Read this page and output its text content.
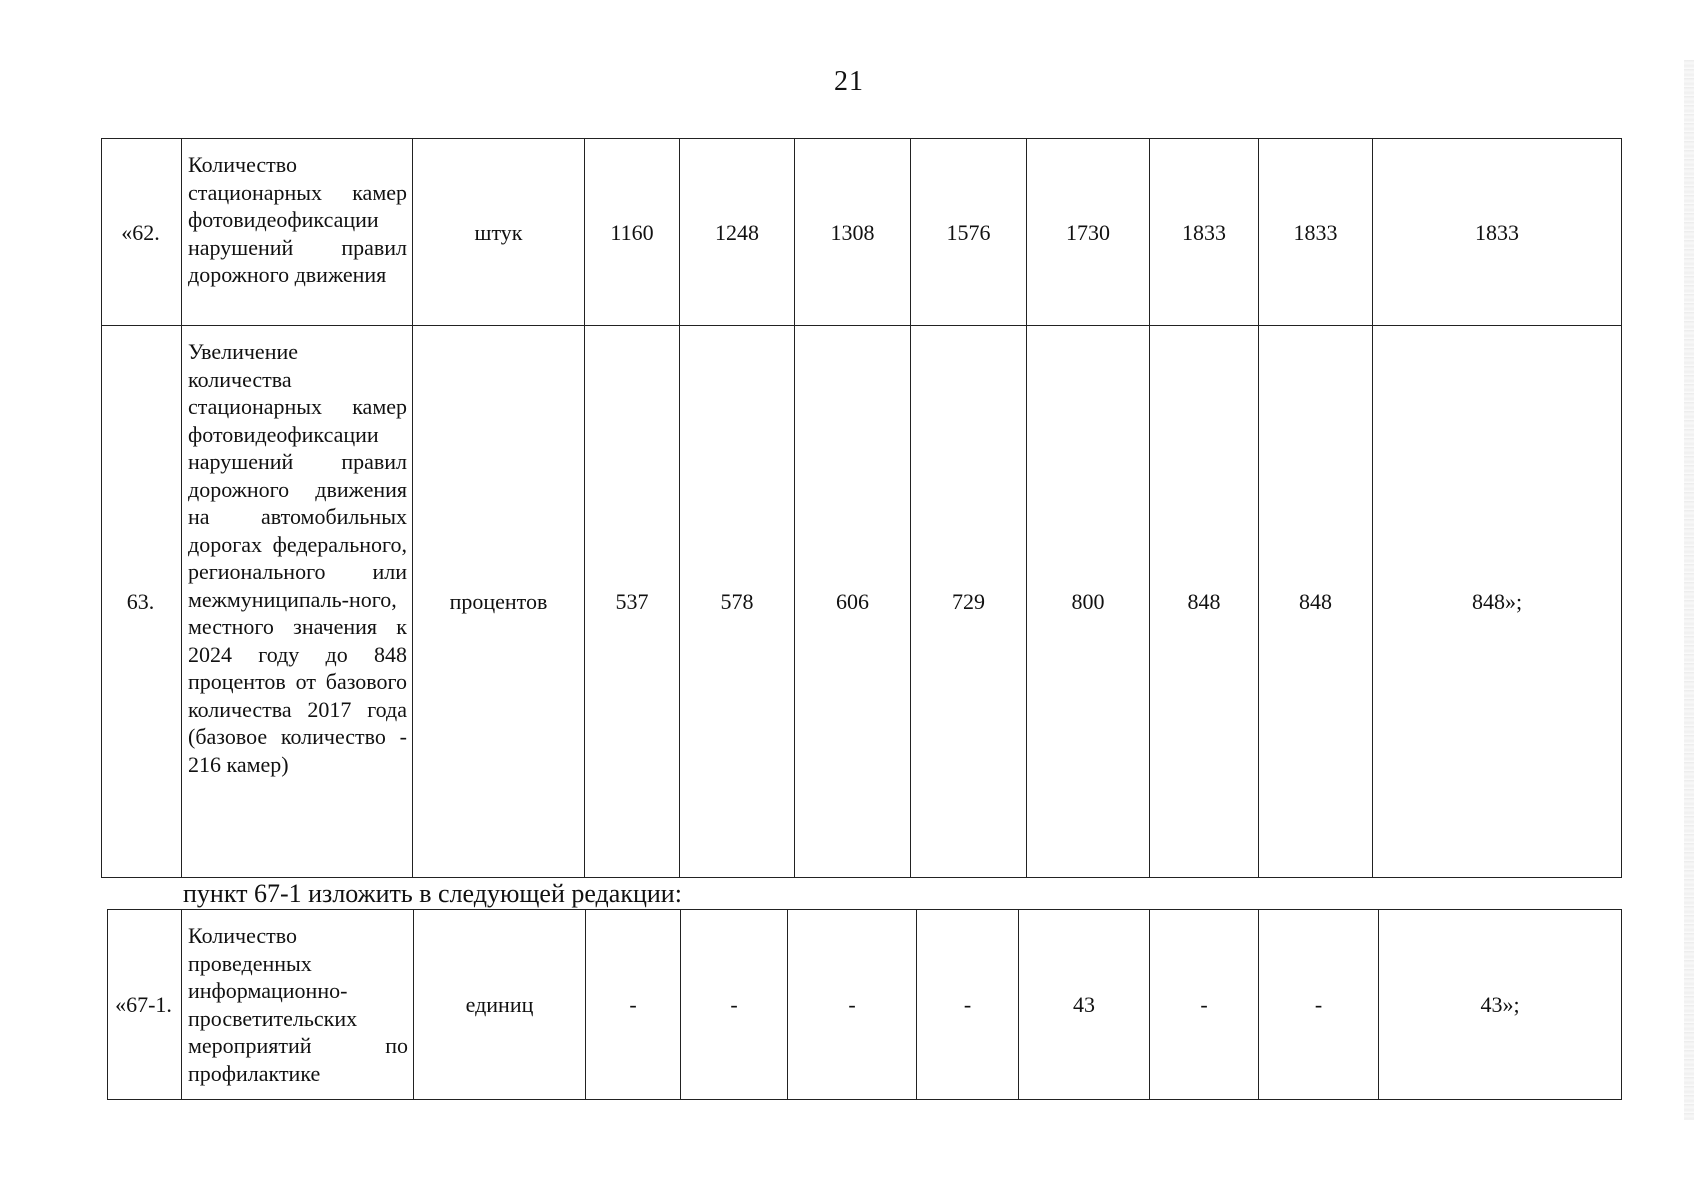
21
«62.	Количество стационарных камер фотовидеофиксации нарушений правил дорожного движения	штук	1160	1248	1308	1576	1730	1833	1833	1833
63.	Увеличение количества стационарных камер фотовидеофиксации нарушений правил дорожного движения на автомобильных дорогах федерального, регионального или межмуниципаль-ного, местного значения к 2024 году до 848 процентов от базового количества 2017 года (базовое количество - 216 камер)	процентов	537	578	606	729	800	848	848	848»;
пункт 67-1 изложить в следующей редакции:
«67-1.	Количество проведенных информационно-просветительских мероприятий по профилактике	единиц	-	-	-	-	43	-	-	43»;
